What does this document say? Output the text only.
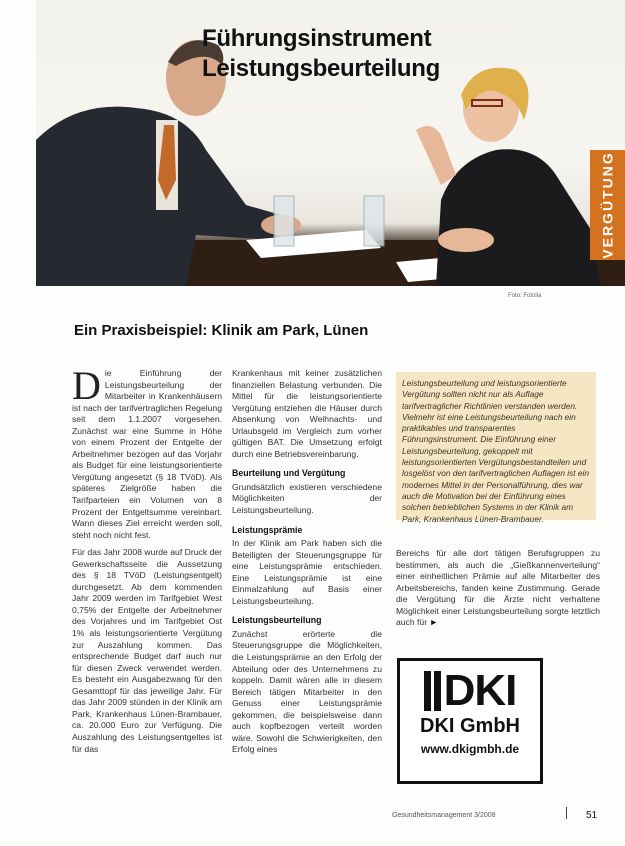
Führungsinstrument
Leistungsbeurteilung
VERGÜTUNG
Foto: Fotolia
Ein Praxisbeispiel: Klinik am Park, Lünen

Die Einführung der Leistungsbeurteilung der Mitarbeiter in Krankenhäusern ist nach der tarifvertraglichen Regelung seit dem 1.1.2007 vorgesehen. Zunächst war eine Summe in Höhe von einem Prozent der Entgelte der Arbeitnehmer bezogen auf das Vorjahr als Budget für eine leistungsorientierte Vergütung angesetzt (§ 18 TVöD). Als späteres Zielgröße haben die Tarifparteien ein Volumen von 8 Prozent der Entgeltsumme vereinbart. Wann dieses Ziel erreicht werden soll, steht noch nicht fest.

Für das Jahr 2008 wurde auf Druck der Gewerkschaftsseite die Aussetzung des § 18 TVöD (Leistungsentgelt) durchgesetzt. Ab dem kommenden Jahr 2009 werden im Tarifgebiet West 0,75% der Entgelte der Arbeitnehmer des Vorjahres und im Tarifgebiet Ost 1% als leistungsorientierte Vergütung zur Auszahlung kommen. Das entsprechende Budget darf auch nur für diesen Zweck verwendet werden. Es besteht ein Ausgabezwang für den Gesamttopf für das jeweilige Jahr. Für das Jahr 2009 stünden in der Klinik am Park, Krankenhaus Lünen-Brambauer, ca. 20.000 Euro zur Verfügung. Die Auszahlung des Leistungsentgeltes ist für das

Krankenhaus mit keiner zusätzlichen finanziellen Belastung verbunden. Die Mittel für die leistungsorientierte Vergütung entziehen die Häuser durch Absenkung von Weihnachts- und Urlaubsgeld im Vergleich zum vorher gültigen BAT. Die Umsetzung erfolgt durch eine Betriebsvereinbarung.

Beurteilung und Vergütung

Grundsätzlich existieren verschiedene Möglichkeiten der Leistungsbeurteilung.

Leistungsprämie

In der Klinik am Park haben sich die Beteiligten der Steuerungsgruppe für eine Leistungsprämie entschieden. Eine Leistungsprämie ist eine Einmalzahlung auf Basis einer Leistungsbeurteilung.

Leistungsbeurteilung

Zunächst erörterte die Steuerungsgruppe die Möglichkeiten, die Leistungsprämie an den Erfolg der Abteilung oder des Unternehmens zu koppeln. Damit wären alle in diesem Bereich tätigen Mitarbeiter in den Genuss einer Leistungsprämie gekommen, die beispielsweise dann auch kopfbezogen verteilt worden wäre. Sowohl die Schwierigkeiten, den Erfolg eines

Leistungsbeurteilung und leistungsorientierte Vergütung sollten nicht nur als Auflage tarifvertraglicher Richtlinien verstanden werden. Vielmehr ist eine Leistungsbeurteilung nach ein praktikables und transparentes Führungsinstrument. Die Einführung einer Leistungsbeurteilung, gekoppelt mit leistungsorientierten Vergütungsbestandteilen und losgelöst von den tarifvertraglichen Auflagen ist ein modernes Mittel in der Personalführung, dies war auch die Motivation bei der Einführung eines solchen betrieblichen Systems in der Klinik am Park, Krankenhaus Lünen-Brambauer.

Bereichs für alle dort tätigen Berufsgruppen zu bestimmen, als auch die „Gießkannenverteilung“ einer einheitlichen Prämie auf alle Mitarbeiter des Arbeitsbereichs, fanden keine Zustimmung. Gerade die Vergütung für die Ärzte nicht verhaltene Möglichkeit einer Leistungsbeurteilung sorgte letztlich auch für ►

DKI
DKI GmbH
www.dkigmbh.de
Gesundheitsmanagement 3/2008	51
